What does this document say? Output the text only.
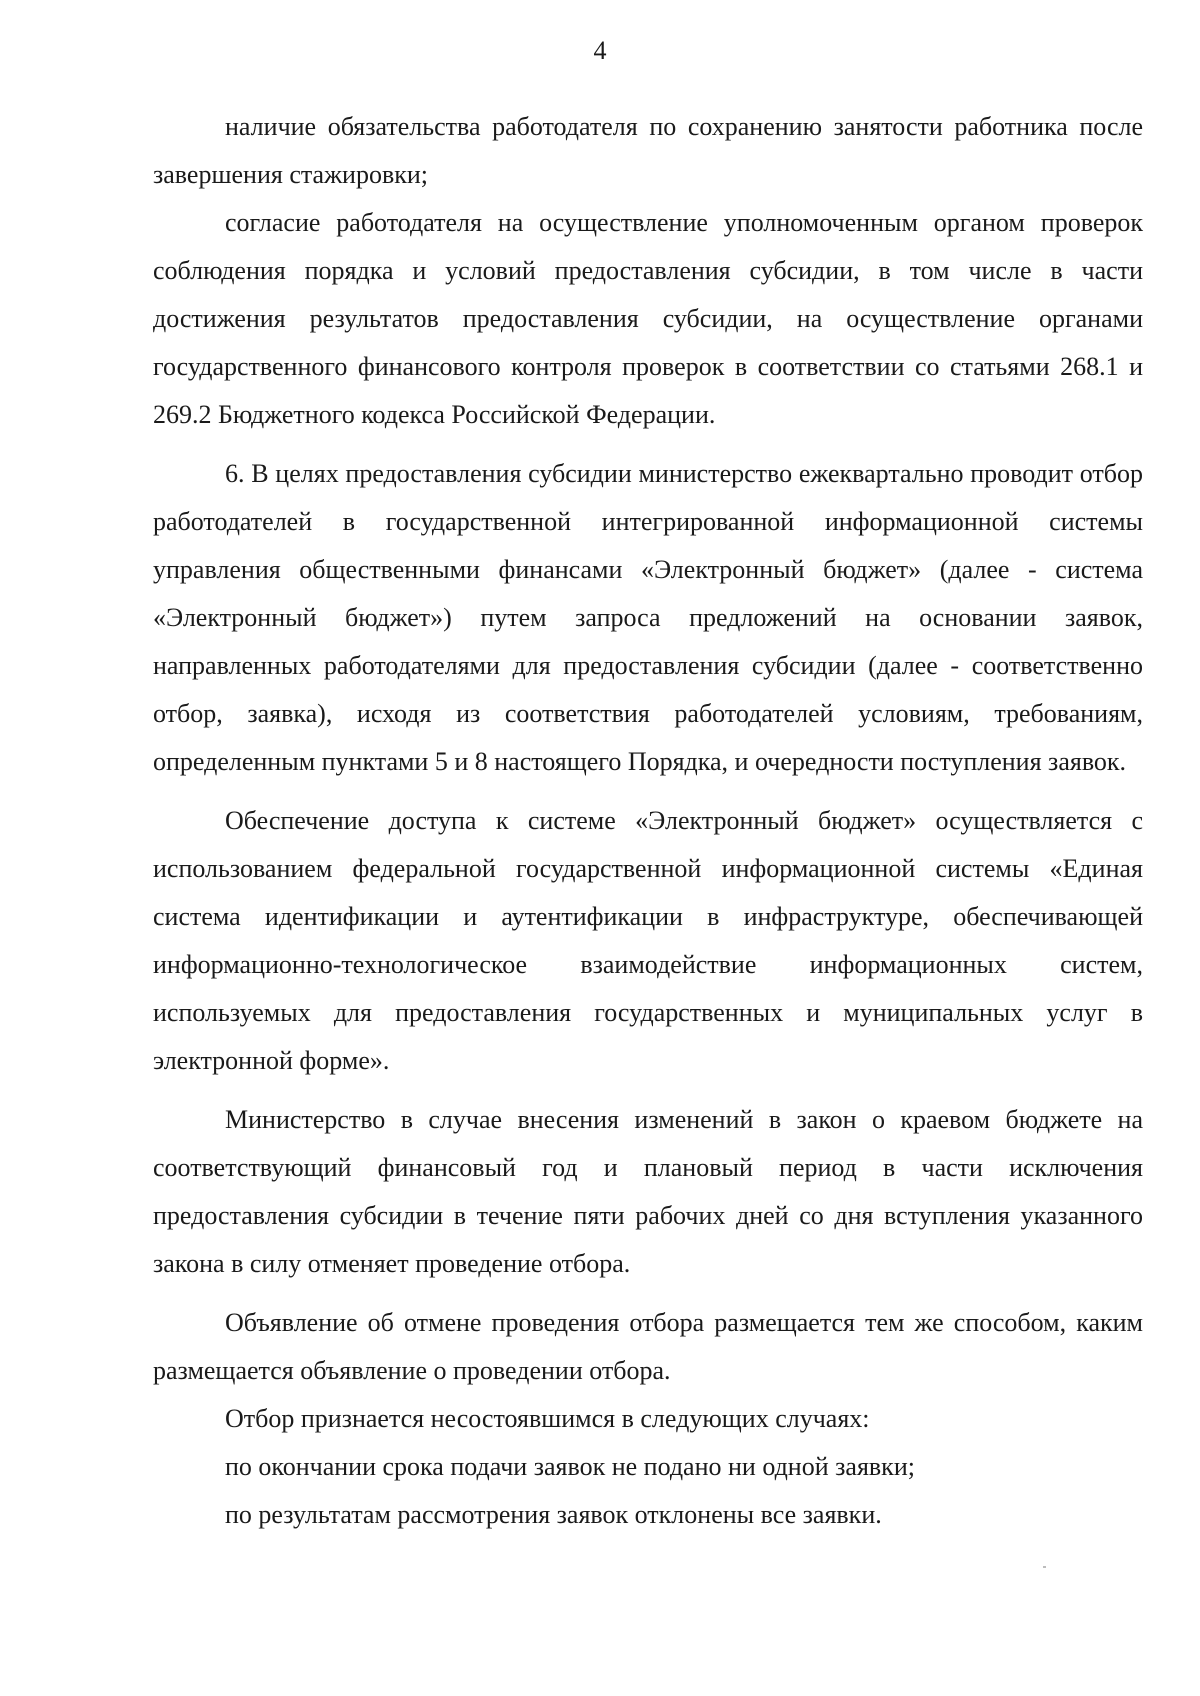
4

наличие обязательства работодателя по сохранению занятости работника после завершения стажировки;

согласие работодателя на осуществление уполномоченным органом проверок соблюдения порядка и условий предоставления субсидии, в том числе в части достижения результатов предоставления субсидии, на осуществление органами государственного финансового контроля проверок в соответствии со статьями 268.1 и 269.2 Бюджетного кодекса Российской Федерации.

6. В целях предоставления субсидии министерство ежеквартально проводит отбор работодателей в государственной интегрированной информационной системы управления общественными финансами «Электронный бюджет» (далее - система «Электронный бюджет») путем запроса предложений на основании заявок, направленных работодателями для предоставления субсидии (далее - соответственно отбор, заявка), исходя из соответствия работодателей условиям, требованиям, определенным пунктами 5 и 8 настоящего Порядка, и очередности поступления заявок.

Обеспечение доступа к системе «Электронный бюджет» осуществляется с использованием федеральной государственной информационной системы «Единая система идентификации и аутентификации в инфраструктуре, обеспечивающей информационно-технологическое взаимодействие информационных систем, используемых для предоставления государственных и муниципальных услуг в электронной форме».

Министерство в случае внесения изменений в закон о краевом бюджете на соответствующий финансовый год и плановый период в части исключения предоставления субсидии в течение пяти рабочих дней со дня вступления указанного закона в силу отменяет проведение отбора.

Объявление об отмене проведения отбора размещается тем же способом, каким размещается объявление о проведении отбора.

Отбор признается несостоявшимся в следующих случаях:

по окончании срока подачи заявок не подано ни одной заявки;

по результатам рассмотрения заявок отклонены все заявки.
